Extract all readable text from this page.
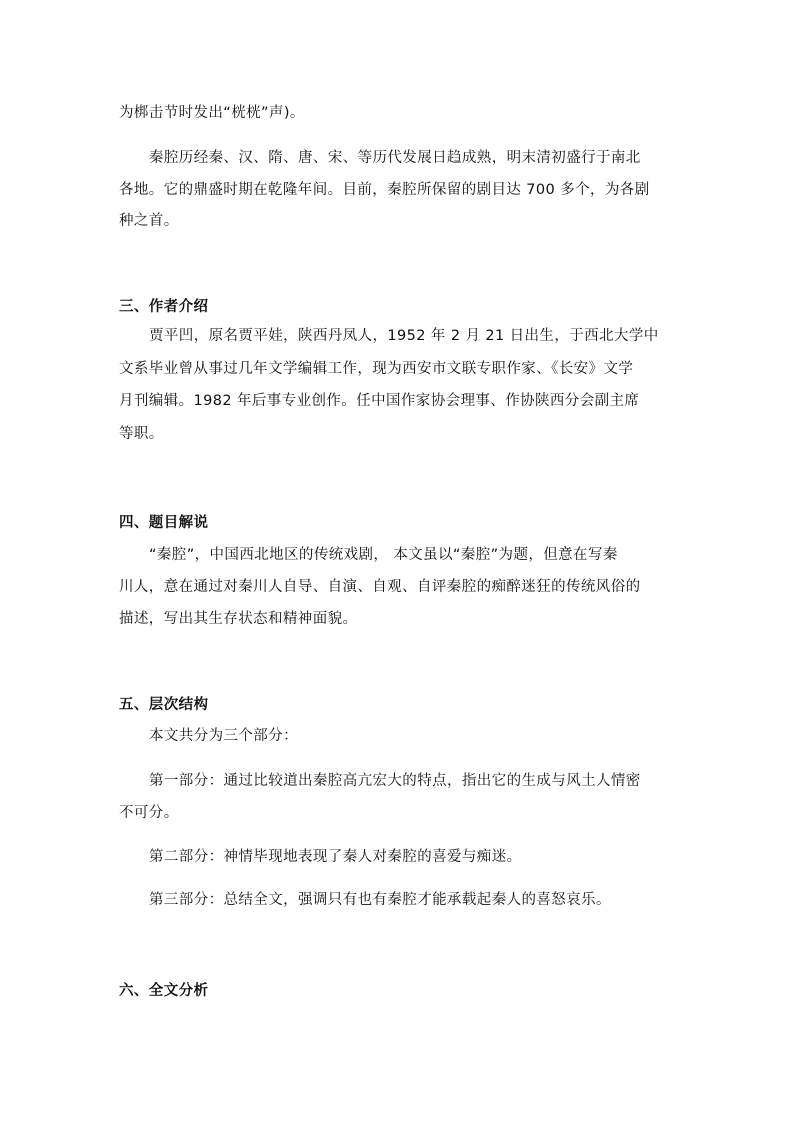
为梆击节时发出“桄桄”声)。
秦腔历经秦、汉、隋、唐、宋、等历代发展日趋成熟，明末清初盛行于南北
各地。它的鼎盛时期在乾隆年间。目前，秦腔所保留的剧目达 700 多个，为各剧
种之首。
三、作者介绍
贾平凹，原名贾平娃，陕西丹凤人，1952 年 2 月 21 日出生，于西北大学中
文系毕业曾从事过几年文学编辑工作，现为西安市文联专职作家、《长安》文学
月刊编辑。1982 年后事专业创作。任中国作家协会理事、作协陕西分会副主席
等职。
四、题目解说
“秦腔”，中国西北地区的传统戏剧， 本文虽以“秦腔”为题，但意在写秦
川人，意在通过对秦川人自导、自演、自观、自评秦腔的痴醉迷狂的传统风俗的
描述，写出其生存状态和精神面貌。
五、层次结构
本文共分为三个部分：
第一部分：通过比较道出秦腔高亢宏大的特点，指出它的生成与风土人情密
不可分。
第二部分：神情毕现地表现了秦人对秦腔的喜爱与痴迷。
第三部分：总结全文，强调只有也有秦腔才能承载起秦人的喜怒哀乐。
六、全文分析
